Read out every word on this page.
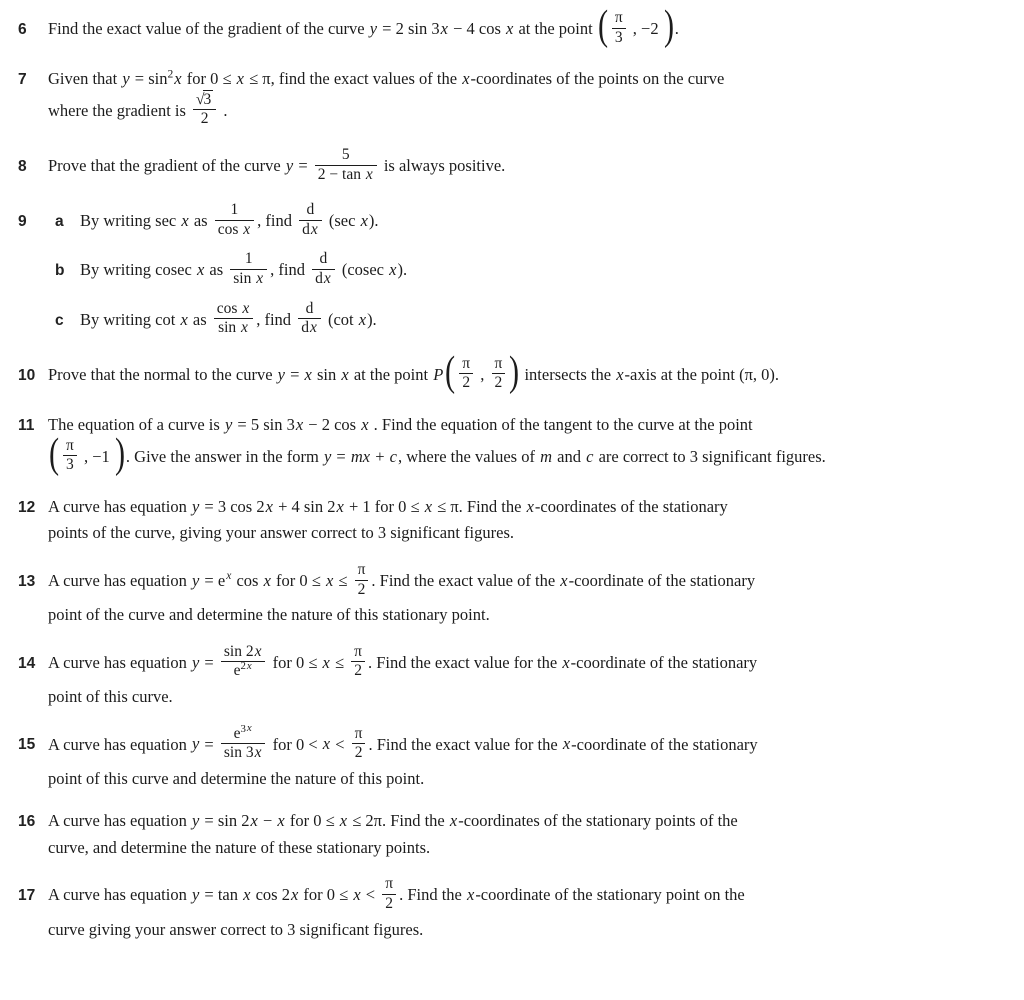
6	Find the exact value of the gradient of the curve y = 2 sin 3x − 4 cos x at the point ( $\frac{\pi}{3}$ , −2 ).
7	Given that $y = \sin^2x$ for 0 ≤ x ≤ π, find the exact values of the x-coordinates of the points on the curve
where the gradient is $\frac{√3}{2}$ .
8	Prove that the gradient of the curve $y = \frac{5}{\text{2 − tan x}}$ is always positive.
9	a By writing sec x as $\frac{1}{\text{cos x}}$ , find $\frac{d}{dx} (\sec$ x).
b By writing cosec x as $\frac{1}{\text{sin x}}$ , find $\frac{d}{dx} (cosec$ x).
c By writing cot x as $\frac{\text{cos x}}{\text{sin x}}$ , find $\frac{d}{dx} (\cot$ x).
10 Prove that the normal to the curve y = x sin x at the point $P( \frac{\pi}{2}$ , $\frac{\pi}{2}$ ) intersects the x-axis at the point (π, 0).
11 The equation of a curve is y = 5 sin 3x − 2 cos x . Find the equation of the tangent to the curve at the point
( $\frac{\pi}{3}$ , −1 ). Give the answer in the form y = mx + c, where the values of m and c are correct to 3 significant figures.
12 A curve has equation y = 3 cos 2x + 4 sin 2x + 1 for 0 ≤ x ≤ π. Find the x-coordinates of the stationary
points of the curve, giving your answer correct to 3 significant figures.
13 A curve has equation $y = e^x$ cos x for $0 \le x \le \frac{\pi}{2}$ . Find the exact value of the x-coordinate of the stationary
point of the curve and determine the nature of this stationary point.
14 A curve has equation $y = \frac{\sin 2x}{e^{2x}}$ for $0 \le x \le \frac{\pi}{2}$ . Find the exact value for the x-coordinate of the stationary
point of this curve.
15 A curve has equation $y = \frac{e^{3x}}{\sin 3x}$ for $0 < x < \frac{\pi}{2}$ . Find the exact value for the x-coordinate of the stationary
point of this curve and determine the nature of this point.
16 A curve has equation y = sin 2x − x for 0 ≤ x ≤ 2π. Find the x-coordinates of the stationary points of the
curve, and determine the nature of these stationary points.
17 A curve has equation y = tan x cos 2x for $0 \le x < \frac{\pi}{2}$ . Find the x-coordinate of the stationary point on the
curve giving your answer correct to 3 significant figures.
